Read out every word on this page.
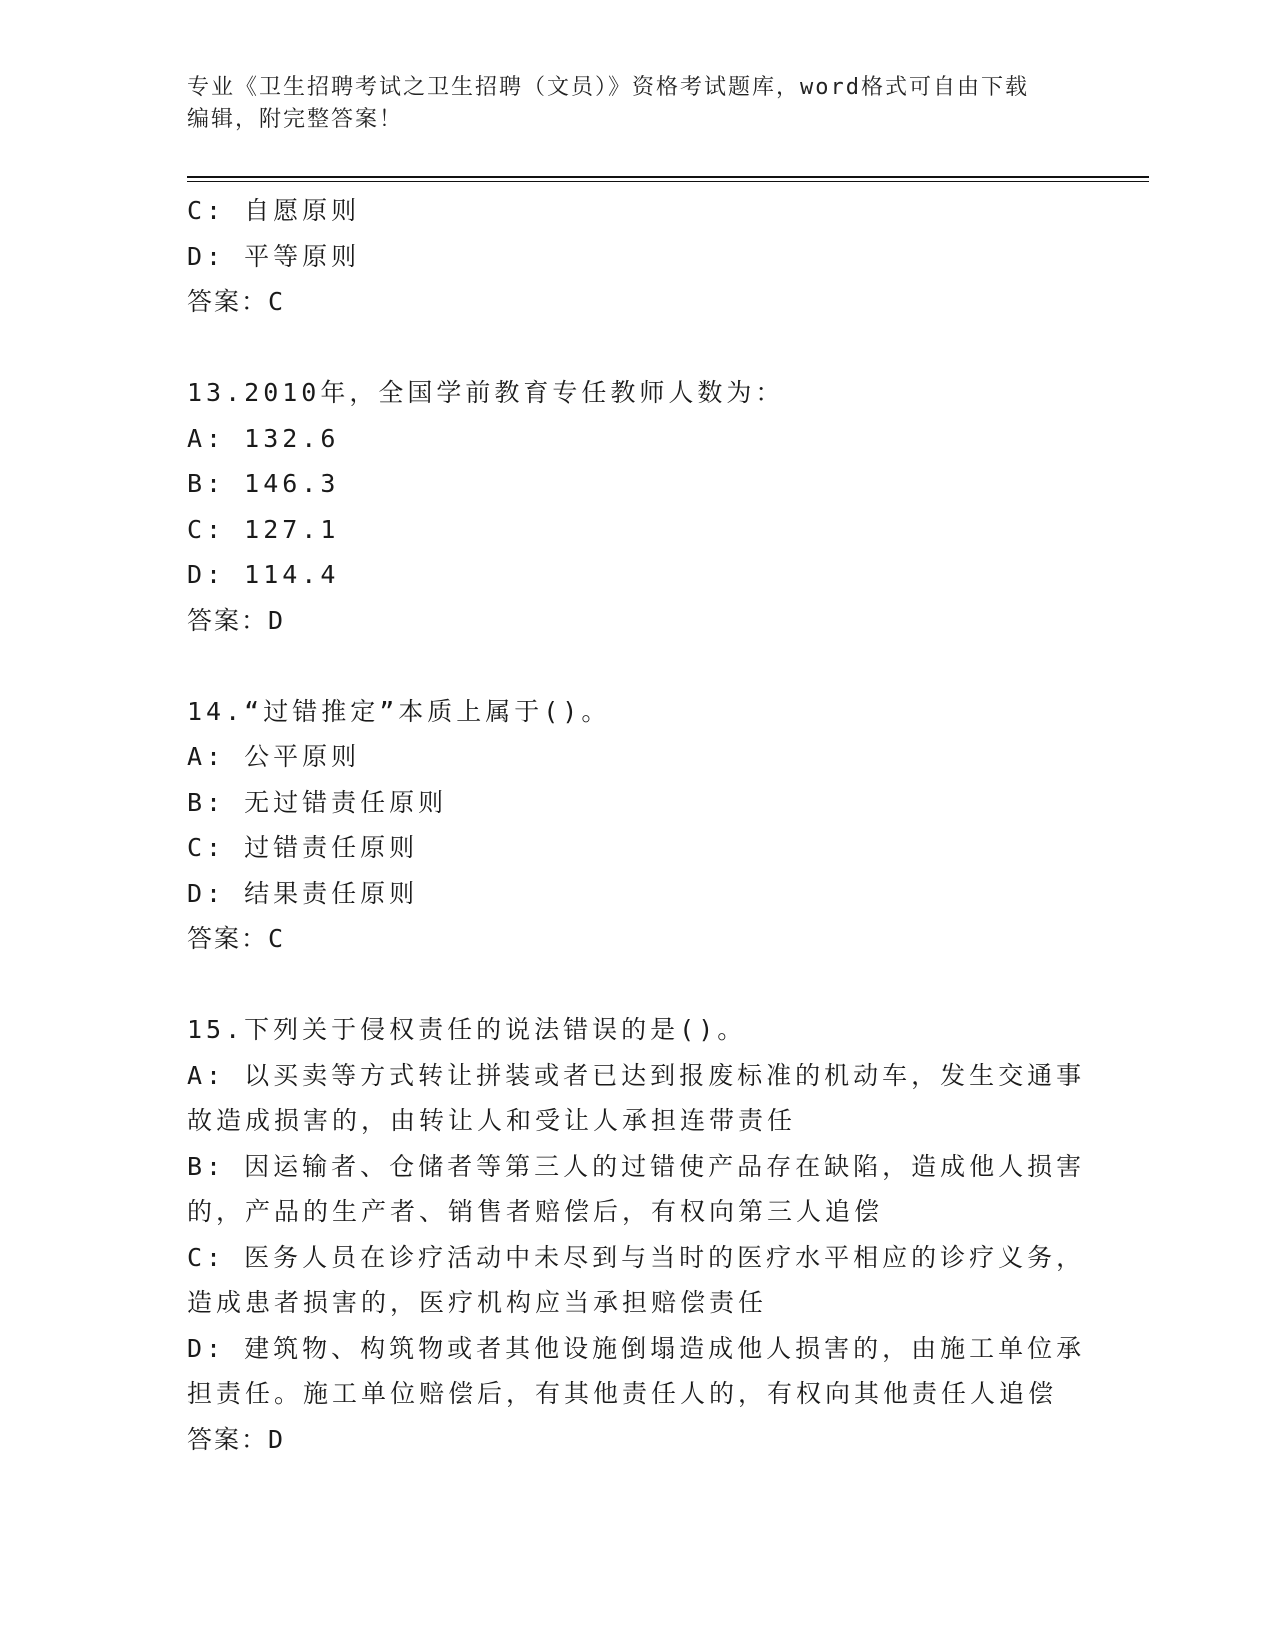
专业《卫生招聘考试之卫生招聘（文员）》资格考试题库，word格式可自由下载
编辑，附完整答案！
C: 自愿原则
D: 平等原则
答案：C
13.2010年，全国学前教育专任教师人数为：
A: 132.6
B: 146.3
C: 127.1
D: 114.4
答案：D
14.“过错推定”本质上属于()。
A: 公平原则
B: 无过错责任原则
C: 过错责任原则
D: 结果责任原则
答案：C
15.下列关于侵权责任的说法错误的是()。
A: 以买卖等方式转让拼装或者已达到报废标准的机动车，发生交通事
故造成损害的，由转让人和受让人承担连带责任
B: 因运输者、仓储者等第三人的过错使产品存在缺陷，造成他人损害
的，产品的生产者、销售者赔偿后，有权向第三人追偿
C: 医务人员在诊疗活动中未尽到与当时的医疗水平相应的诊疗义务，
造成患者损害的，医疗机构应当承担赔偿责任
D: 建筑物、构筑物或者其他设施倒塌造成他人损害的，由施工单位承
担责任。施工单位赔偿后，有其他责任人的，有权向其他责任人追偿
答案：D
